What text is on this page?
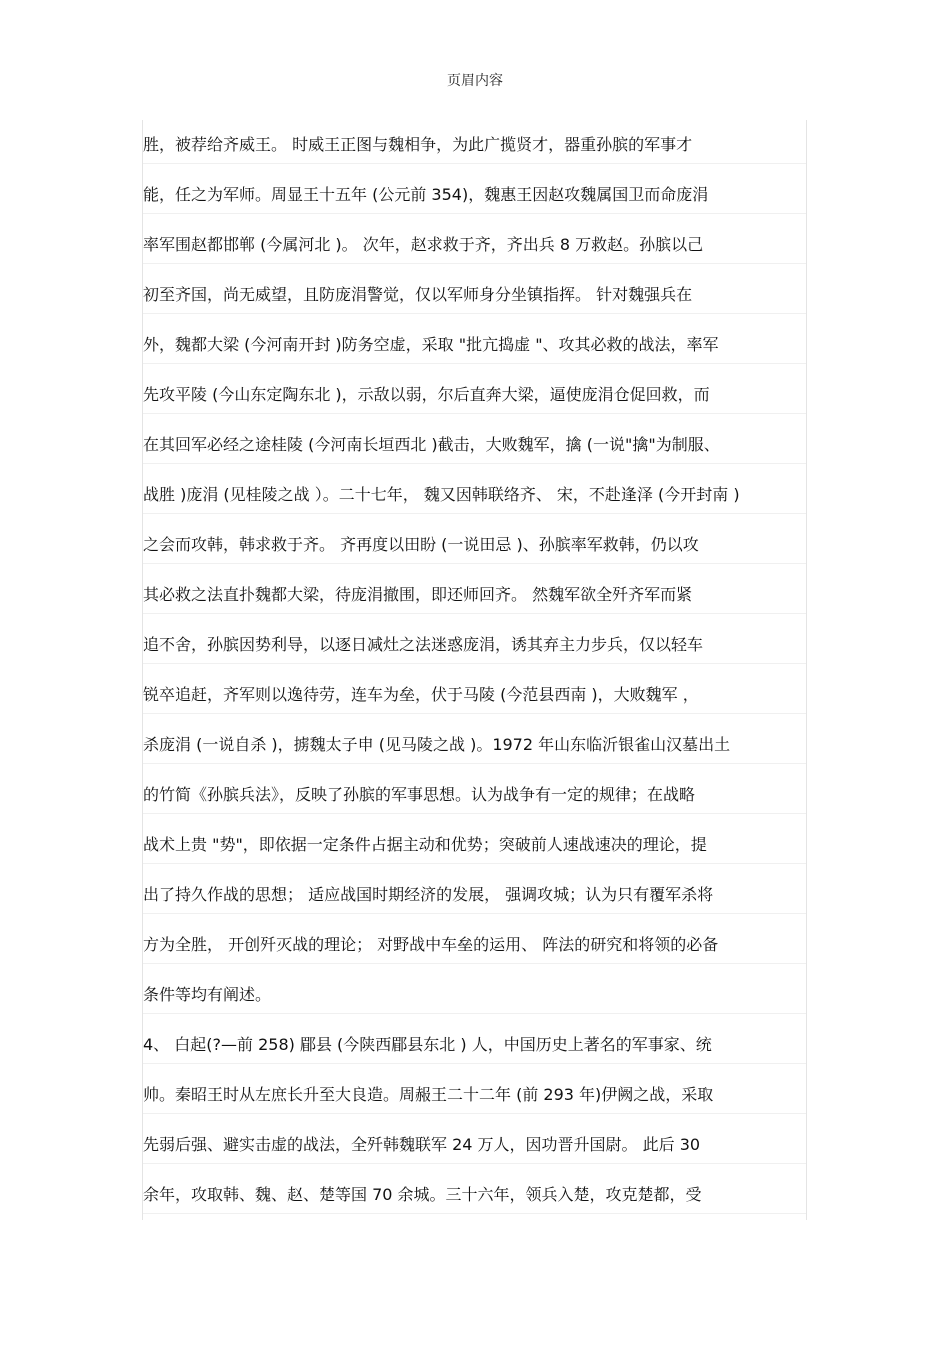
页眉内容
胜，被荐给齐威王。 时威王正图与魏相争，为此广揽贤才，器重孙膑的军事才
能，任之为军师。周显王十五年 (公元前 354)，魏惠王因赵攻魏属国卫而命庞涓
率军围赵都邯郸 (今属河北 )。 次年，赵求救于齐，齐出兵 8 万救赵。孙膑以己
初至齐国，尚无威望，且防庞涓警觉，仅以军师身分坐镇指挥。 针对魏强兵在
外，魏都大梁 (今河南开封 )防务空虚，采取 "批亢捣虚 "、攻其必救的战法，率军
先攻平陵 (今山东定陶东北 )，示敌以弱，尔后直奔大梁，逼使庞涓仓促回救，而
在其回军必经之途桂陵 (今河南长垣西北 )截击，大败魏军，擒 (一说"擒"为制服、
战胜 )庞涓 (见桂陵之战 ）。二十七年， 魏又因韩联络齐、 宋，不赴逢泽 (今开封南 )
之会而攻韩，韩求救于齐。 齐再度以田盼 (一说田忌 )、孙膑率军救韩，仍以攻
其必救之法直扑魏都大梁，待庞涓撤围，即还师回齐。 然魏军欲全歼齐军而紧
追不舍，孙膑因势利导，以逐日减灶之法迷惑庞涓，诱其弃主力步兵，仅以轻车
锐卒追赶，齐军则以逸待劳，连车为垒，伏于马陵 (今范县西南 )，大败魏军 ，
杀庞涓 (一说自杀 )，掳魏太子申 (见马陵之战 )。1972 年山东临沂银雀山汉墓出土
的竹简《孙膑兵法》，反映了孙膑的军事思想。认为战争有一定的规律；在战略
战术上贵 "势"，即依据一定条件占据主动和优势；突破前人速战速决的理论，提
出了持久作战的思想； 适应战国时期经济的发展， 强调攻城；认为只有覆军杀将
方为全胜， 开创歼灭战的理论； 对野战中车垒的运用、 阵法的研究和将领的必备
条件等均有阐述。
4、 白起(?—前 258) 郿县 (今陕西郿县东北 ) 人，中国历史上著名的军事家、统
帅。秦昭王时从左庶长升至大良造。周赧王二十二年 (前 293 年)伊阙之战，采取
先弱后强、避实击虚的战法，全歼韩魏联军 24 万人，因功晋升国尉。 此后 30
余年，攻取韩、魏、赵、楚等国 70 余城。三十六年，领兵入楚，攻克楚都，受
